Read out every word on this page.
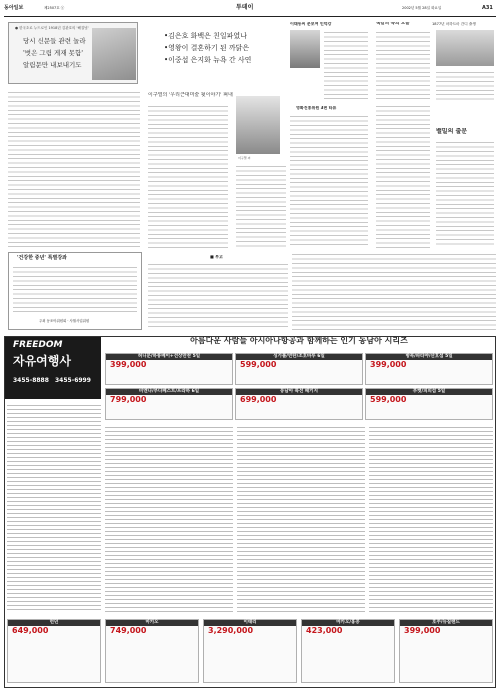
동아일보	제2507호 ⓒ	투데이	2002년 5월 28일 화요일	A31
● 한국초로 누드로인 1918년 김관호의 '해질녘'
당시 신문들 관련 놀라
'벗은 그림 게재 못함'
알림문만 내보내기도
•김은호 화백은 친일파였나
•영왕이 결혼하기 된 까닭은
•이중섭 은지화 뉴욕 간 사연
이구열의 '우리근대미술 뒷이야기' 펴내
이구열 씨
이태동씨 문보여 인덕강
영화진흥위원 3편 타류
책갈피 속의 오늘	1877년 마하트마 간디 출생
밸밀의 출문
'건강한 중년' 특별강좌
주최 동조아위원회 · 사월사업위원
■ 부고
FREEDOM
자유여행사
3455-8888 3455-6999
아름다운 사람들 아시아나항공과 함께하는 인기 동남아 시리즈
허니문/하롱베이+선상만찬 5일
399,000
싱가폴/빈탄/조호바루 6일
599,000
방콕/파타야/산호섬 5일
399,000
비엔나/부다페스트/프라하 6일
799,000
동남아 특선 패키지
699,000
푸켓/피피섬 5일
599,000
런던
649,000
마카오
749,000
이태리
3,290,000
마카오/홍콩
423,000
호주/뉴질랜드
399,000
